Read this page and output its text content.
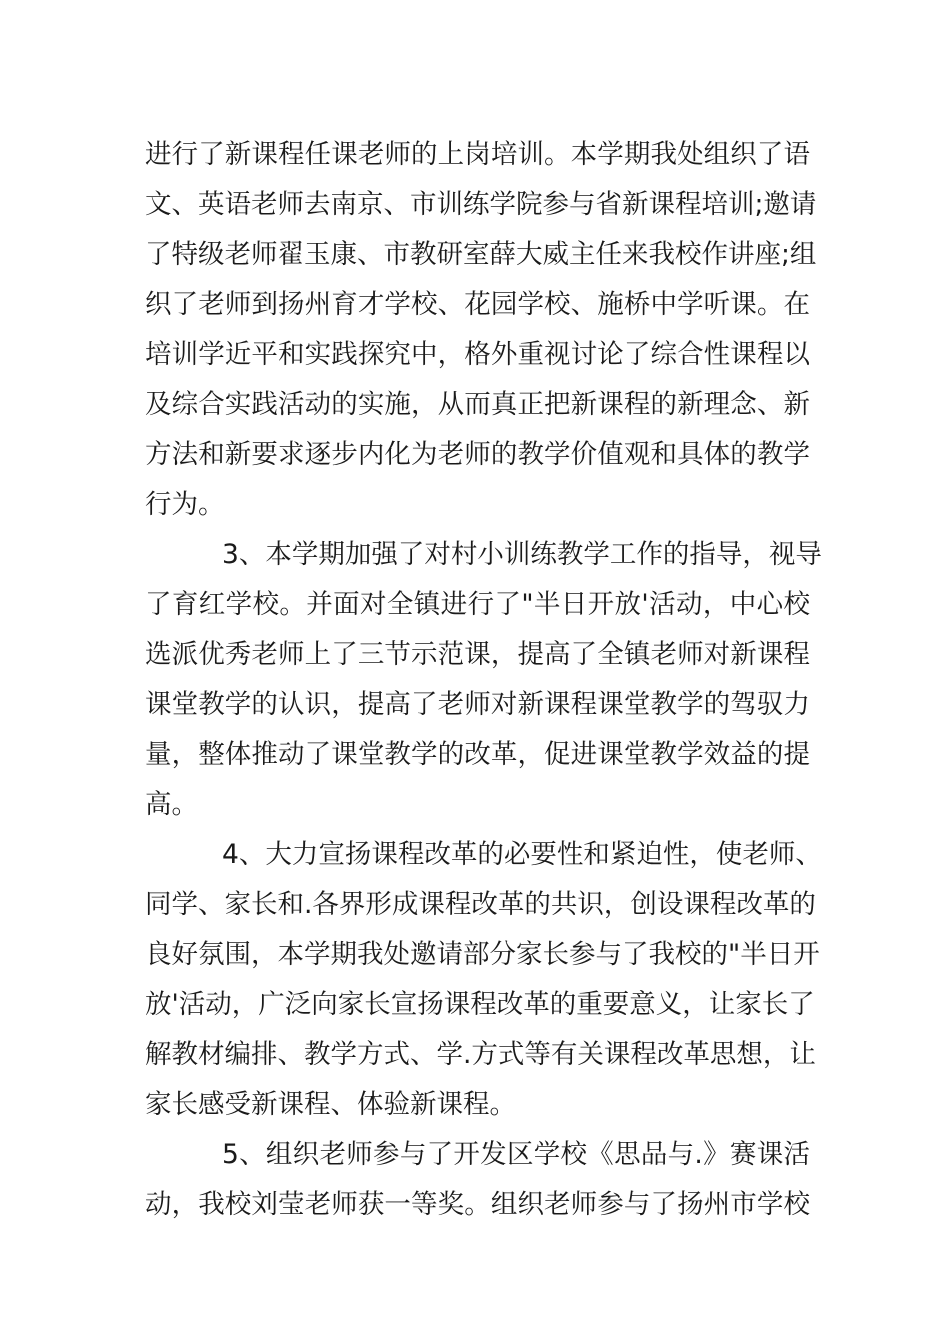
进行了新课程任课老师的上岗培训。本学期我处组织了语
文、英语老师去南京、市训练学院参与省新课程培训;邀请
了特级老师翟玉康、市教研室薛大威主任来我校作讲座;组
织了老师到扬州育才学校、花园学校、施桥中学听课。在
培训学近平和实践探究中，格外重视讨论了综合性课程以
及综合实践活动的实施，从而真正把新课程的新理念、新
方法和新要求逐步内化为老师的教学价值观和具体的教学
行为。
3、本学期加强了对村小训练教学工作的指导，视导
了育红学校。并面对全镇进行了"半日开放'活动，中心校
选派优秀老师上了三节示范课，提高了全镇老师对新课程
课堂教学的认识，提高了老师对新课程课堂教学的驾驭力
量，整体推动了课堂教学的改革，促进课堂教学效益的提
高。
4、大力宣扬课程改革的必要性和紧迫性，使老师、
同学、家长和.各界形成课程改革的共识，创设课程改革的
良好氛围，本学期我处邀请部分家长参与了我校的"半日开
放'活动，广泛向家长宣扬课程改革的重要意义，让家长了
解教材编排、教学方式、学.方式等有关课程改革思想，让
家长感受新课程、体验新课程。
5、组织老师参与了开发区学校《思品与.》赛课活
动，我校刘莹老师获一等奖。组织老师参与了扬州市学校
